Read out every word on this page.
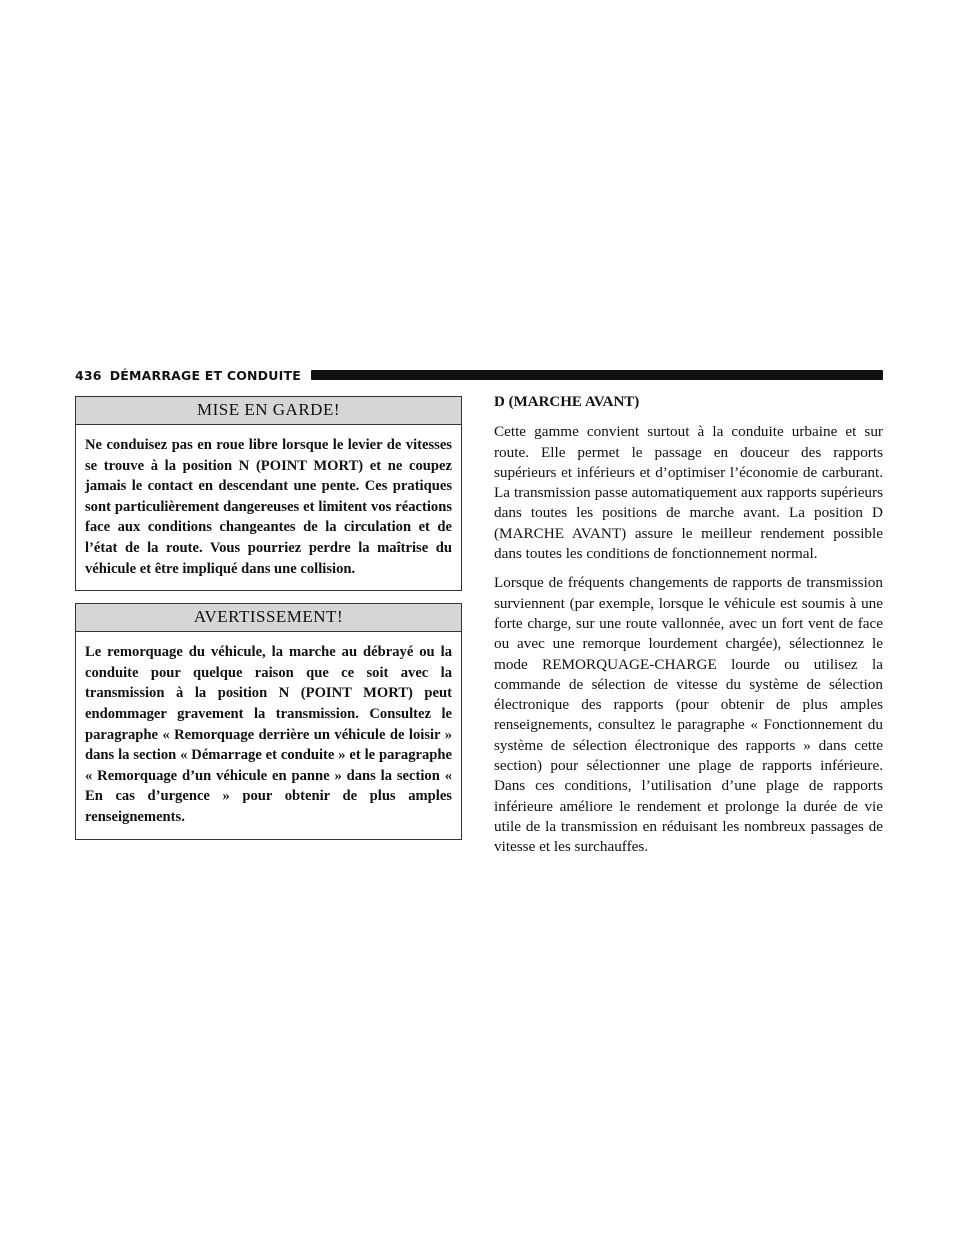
436 DÉMARRAGE ET CONDUITE
MISE EN GARDE!
Ne conduisez pas en roue libre lorsque le levier de vitesses se trouve à la position N (POINT MORT) et ne coupez jamais le contact en descendant une pente. Ces pratiques sont particulièrement dangereuses et limitent vos réactions face aux conditions changeantes de la circulation et de l’état de la route. Vous pourriez perdre la maîtrise du véhicule et être impliqué dans une collision.
AVERTISSEMENT!
Le remorquage du véhicule, la marche au débrayé ou la conduite pour quelque raison que ce soit avec la transmission à la position N (POINT MORT) peut endommager gravement la transmission. Consultez le paragraphe « Remorquage derrière un véhicule de loisir » dans la section « Démarrage et conduite » et le paragraphe « Remorquage d’un véhicule en panne » dans la section « En cas d’urgence » pour obtenir de plus amples renseignements.
D (MARCHE AVANT)

Cette gamme convient surtout à la conduite urbaine et sur route. Elle permet le passage en douceur des rapports supérieurs et inférieurs et d’optimiser l’économie de carburant. La transmission passe automatiquement aux rapports supérieurs dans toutes les positions de marche avant. La position D (MARCHE AVANT) assure le meilleur rendement possible dans toutes les conditions de fonctionnement normal.

Lorsque de fréquents changements de rapports de transmission surviennent (par exemple, lorsque le véhicule est soumis à une forte charge, sur une route vallonnée, avec un fort vent de face ou avec une remorque lourdement chargée), sélectionnez le mode REMORQUAGE-CHARGE lourde ou utilisez la commande de sélection de vitesse du système de sélection électronique des rapports (pour obtenir de plus amples renseignements, consultez le paragraphe « Fonctionnement du système de sélection électronique des rapports » dans cette section) pour sélectionner une plage de rapports inférieure. Dans ces conditions, l’utilisation d’une plage de rapports inférieure améliore le rendement et prolonge la durée de vie utile de la transmission en réduisant les nombreux passages de vitesse et les surchauffes.
